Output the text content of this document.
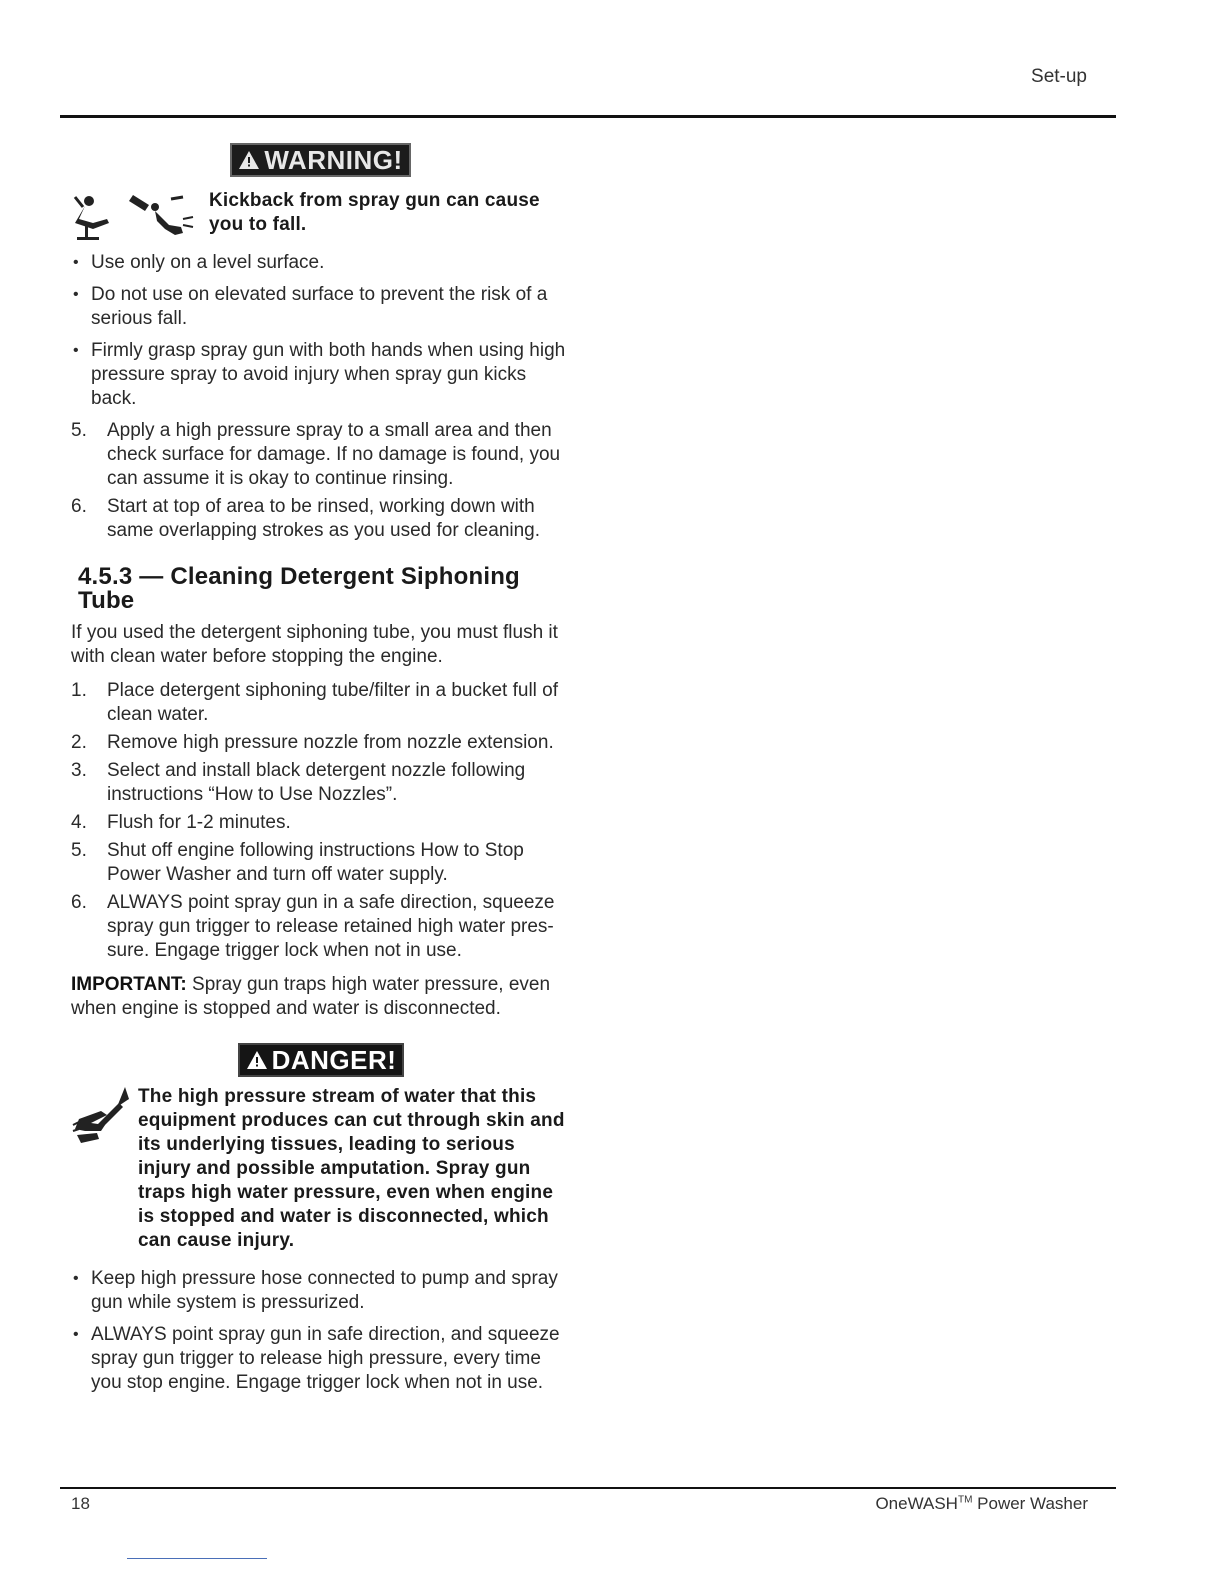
Set-up
WARNING!
Kickback from spray gun can cause you to fall.
• Use only on a level surface.
• Do not use on elevated surface to prevent the risk of a serious fall.
• Firmly grasp spray gun with both hands when using high pressure spray to avoid injury when spray gun kicks back.
5. Apply a high pressure spray to a small area and then check surface for damage. If no damage is found, you can assume it is okay to continue rinsing.
6. Start at top of area to be rinsed, working down with same overlapping strokes as you used for cleaning.
4.5.3 — Cleaning Detergent Siphoning Tube

If you used the detergent siphoning tube, you must flush it with clean water before stopping the engine.

1. Place detergent siphoning tube/filter in a bucket full of clean water.
2. Remove high pressure nozzle from nozzle extension.
3. Select and install black detergent nozzle following instructions “How to Use Nozzles”.
4. Flush for 1-2 minutes.
5. Shut off engine following instructions How to Stop Power Washer and turn off water supply.
6. ALWAYS point spray gun in a safe direction, squeeze spray gun trigger to release retained high water pres-sure. Engage trigger lock when not in use.

IMPORTANT: Spray gun traps high water pressure, even when engine is stopped and water is disconnected.

DANGER!
The high pressure stream of water that this equipment produces can cut through skin and its underlying tissues, leading to serious injury and possible amputation. Spray gun traps high water pressure, even when engine is stopped and water is disconnected, which can cause injury.
• Keep high pressure hose connected to pump and spray gun while system is pressurized.
• ALWAYS point spray gun in safe direction, and squeeze spray gun trigger to release high pressure, every time you stop engine. Engage trigger lock when not in use.
18	OneWASH™ Power Washer
